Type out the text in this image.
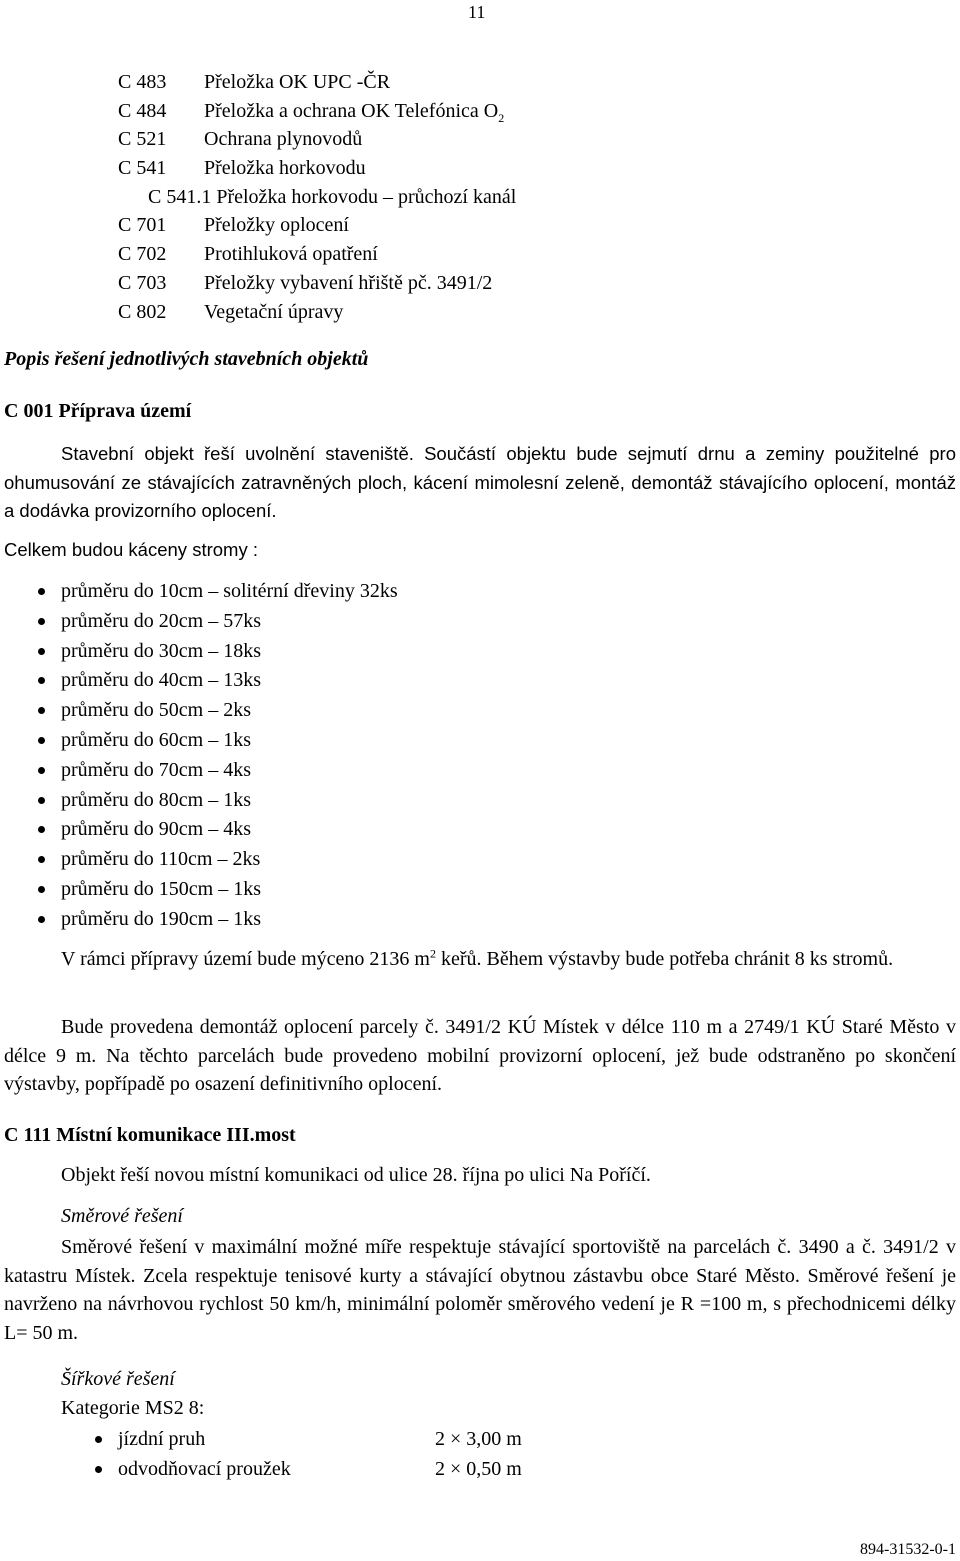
11
C 483 Přeložka OK UPC -ČR
C 484 Přeložka a ochrana OK Telefónica $O_2$
C 521 Ochrana plynovodů
C 541 Přeložka horkovodu
C 541.1 Přeložka horkovodu – průchozí kanál
C 701 Přeložky oplocení
C 702 Protihluková opatření
C 703 Přeložky vybavení hřiště pč. 3491/2
C 802 Vegetační úpravy
Popis řešení jednotlivých stavebních objektů
C 001 Příprava území
Stavební objekt řeší uvolnění staveniště. Součástí objektu bude sejmutí drnu a zeminy použitelné pro ohumusování ze stávajících zatravněných ploch, kácení mimolesní zeleně, demontáž stávajícího oplocení, montáž a dodávka provizorního oplocení.
Celkem budou káceny stromy :
průměru do 10cm – solitérní dřeviny 32ks
průměru do 20cm – 57ks
průměru do 30cm – 18ks
průměru do 40cm – 13ks
průměru do 50cm – 2ks
průměru do 60cm – 1ks
průměru do 70cm – 4ks
průměru do 80cm – 1ks
průměru do 90cm – 4ks
průměru do 110cm – 2ks
průměru do 150cm – 1ks
průměru do 190cm – 1ks
V rámci přípravy území bude mýceno 2136 $m^2$ keřů. Během výstavby bude potřeba chránit 8 ks stromů.
Bude provedena demontáž oplocení parcely č. 3491/2 KÚ Místek v délce 110 m a 2749/1 KÚ Staré Město v délce 9 m. Na těchto parcelách bude provedeno mobilní provizorní oplocení, jež bude odstraněno po skončení výstavby, popřípadě po osazení definitivního oplocení.
C 111 Místní komunikace III.most
Objekt řeší novou místní komunikaci od ulice 28. října po ulici Na Poříčí.
Směrové řešení
Směrové řešení v maximální možné míře respektuje stávající sportoviště na parcelách č. 3490 a č. 3491/2 v katastru Místek. Zcela respektuje tenisové kurty a stávající obytnou zástavbu obce Staré Město. Směrové řešení je navrženo na návrhovou rychlost 50 km/h, minimální poloměr směrového vedení je R =100 m, s přechodnicemi délky L= 50 m.
Šířkové řešení
Kategorie MS2 8:
jízdní pruh	2 × 3,00 m
odvodňovací proužek	2 × 0,50 m
894-31532-0-1
